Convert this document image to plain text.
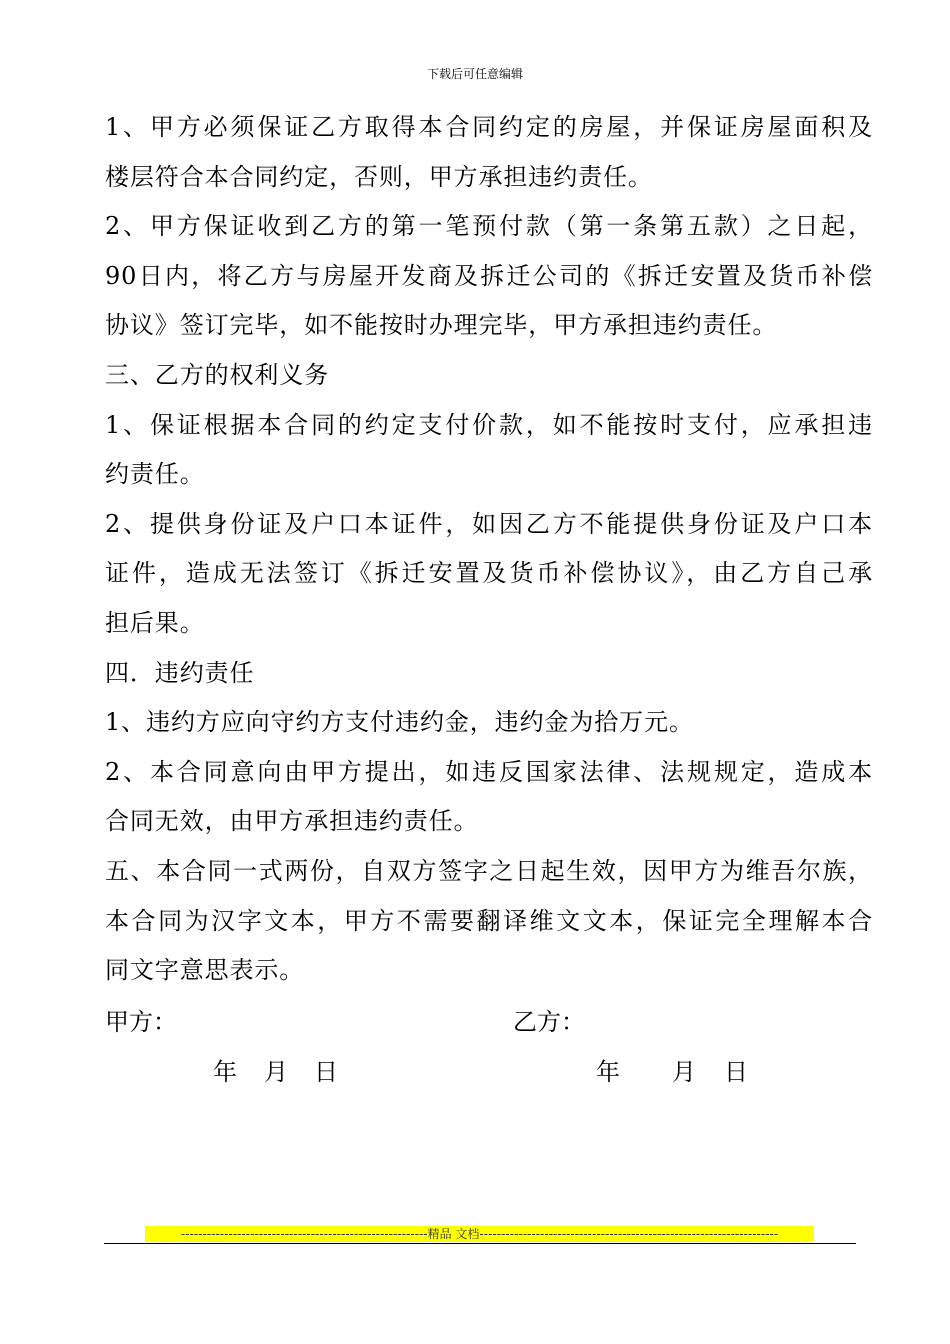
下载后可任意编辑
1、甲方必须保证乙方取得本合同约定的房屋，并保证房屋面积及
楼层符合本合同约定，否则，甲方承担违约责任。
2、甲方保证收到乙方的第一笔预付款（第一条第五款）之日起，
90日内，将乙方与房屋开发商及拆迁公司的《拆迁安置及货币补偿
协议》签订完毕，如不能按时办理完毕，甲方承担违约责任。
三、乙方的权利义务
1、保证根据本合同的约定支付价款，如不能按时支付，应承担违
约责任。
2、提供身份证及户口本证件，如因乙方不能提供身份证及户口本
证件，造成无法签订《拆迁安置及货币补偿协议》，由乙方自己承
担后果。
四．违约责任
1、违约方应向守约方支付违约金，违约金为拾万元。
2、本合同意向由甲方提出，如违反国家法律、法规规定，造成本
合同无效，由甲方承担违约责任。
五、本合同一式两份，自双方签字之日起生效，因甲方为维吾尔族，
本合同为汉字文本，甲方不需要翻译维文文本，保证完全理解本合
同文字意思表示。
甲方：	乙方：
年 月 日	年 月 日
---------------------------------------------------------精品 文档---------------------------------------------------------------------
